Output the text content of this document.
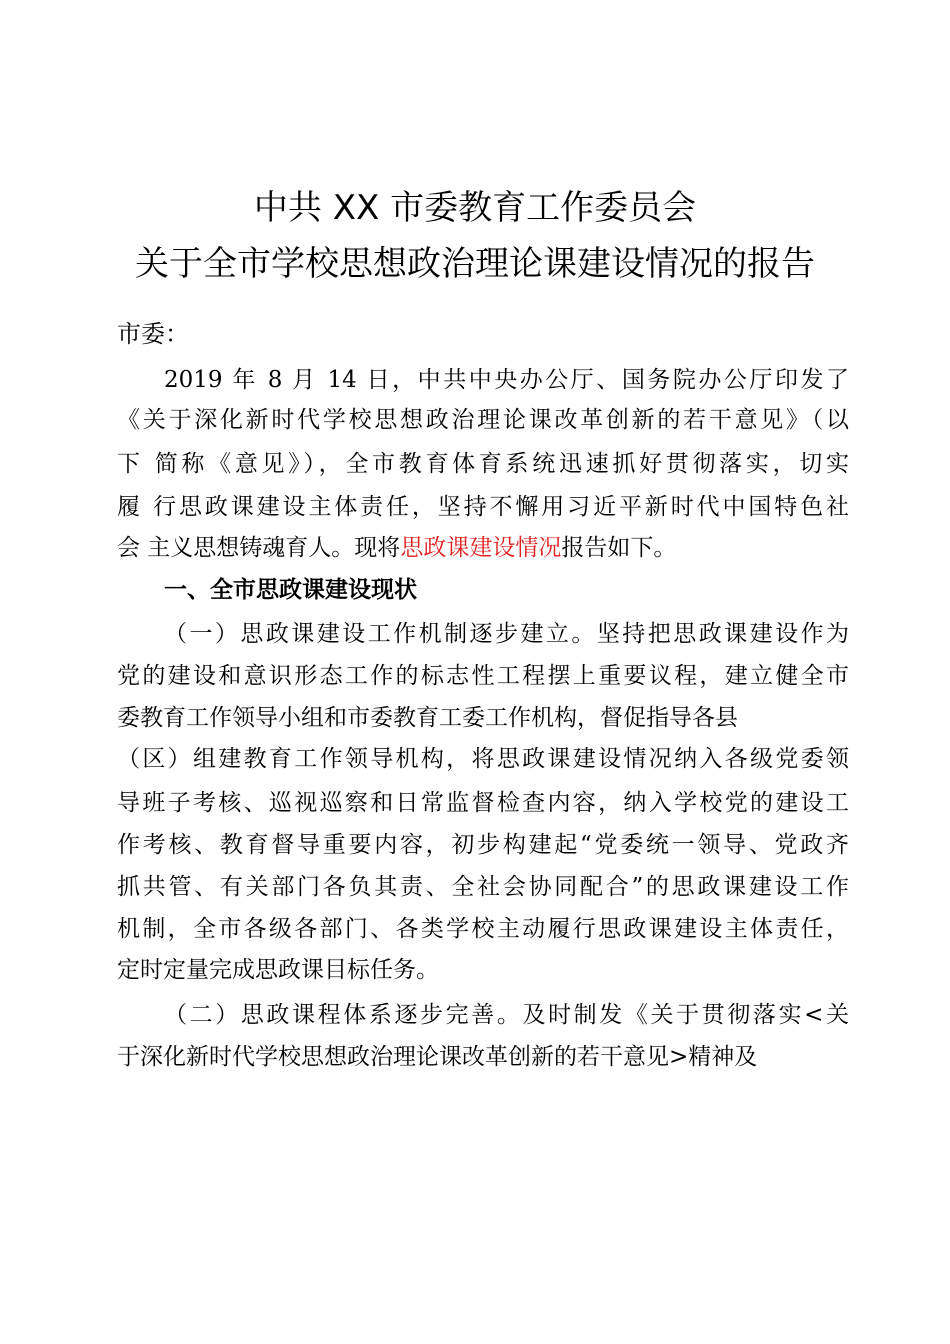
中共 XX 市委教育工作委员会
关于全市学校思想政治理论课建设情况的报告
市委：
2019 年 8 月 14 日，中共中央办公厅、国务院办公厅印发了
《关于深化新时代学校思想政治理论课改革创新的若干意见》（以
下 简称《意见》），全市教育体育系统迅速抓好贯彻落实，切实
履 行思政课建设主体责任，坚持不懈用习近平新时代中国特色社
会 主义思想铸魂育人。现将思政课建设情况报告如下。
一、全市思政课建设现状
（一）思政课建设工作机制逐步建立。坚持把思政课建设作为
党的建设和意识形态工作的标志性工程摆上重要议程，建立健全市
委教育工作领导小组和市委教育工委工作机构，督促指导各县
（区）组建教育工作领导机构，将思政课建设情况纳入各级党委领
导班子考核、巡视巡察和日常监督检查内容，纳入学校党的建设工
作考核、教育督导重要内容，初步构建起“党委统一领导、党政齐
抓共管、有关部门各负其责、全社会协同配合”的思政课建设工作
机制，全市各级各部门、各类学校主动履行思政课建设主体责任，
定时定量完成思政课目标任务。
（二）思政课程体系逐步完善。及时制发《关于贯彻落实<关
于深化新时代学校思想政治理论课改革创新的若干意见>精神及
